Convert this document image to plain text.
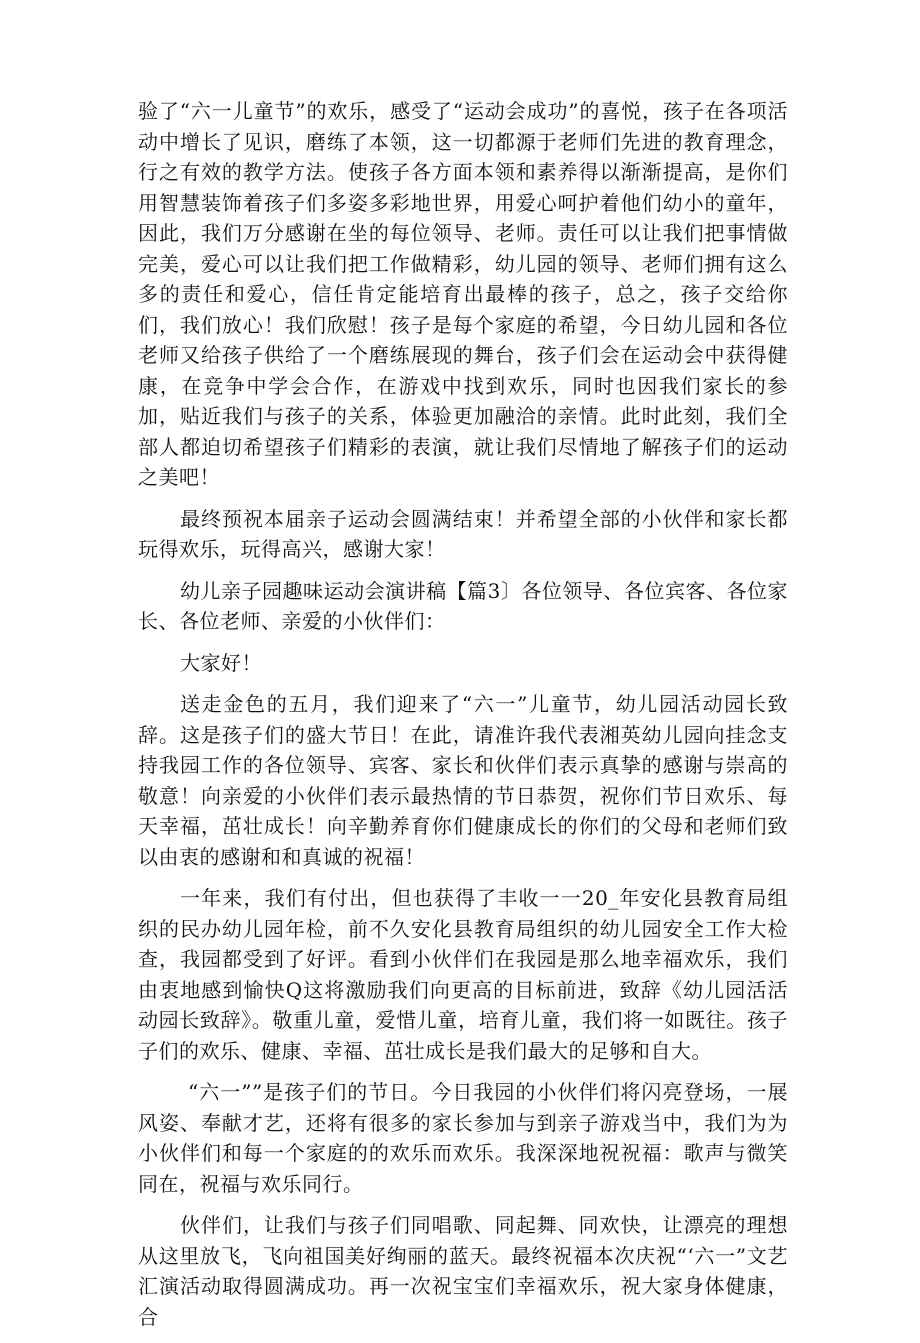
验了“六一儿童节”的欢乐，感受了“运动会成功”的喜悦，孩子在各项活动中增长了见识，磨练了本领，这一切都源于老师们先进的教育理念，行之有效的教学方法。使孩子各方面本领和素养得以渐渐提高，是你们用智慧装饰着孩子们多姿多彩地世界，用爱心呵护着他们幼小的童年，因此，我们万分感谢在坐的每位领导、老师。责任可以让我们把事情做完美，爱心可以让我们把工作做精彩，幼儿园的领导、老师们拥有这么多的责任和爱心，信任肯定能培育出最棒的孩子，总之，孩子交给你们，我们放心！我们欣慰！孩子是每个家庭的希望，今日幼儿园和各位老师又给孩子供给了一个磨练展现的舞台，孩子们会在运动会中获得健康，在竞争中学会合作，在游戏中找到欢乐，同时也因我们家长的参加，贴近我们与孩子的关系，体验更加融洽的亲情。此时此刻，我们全部人都迫切希望孩子们精彩的表演，就让我们尽情地了解孩子们的运动之美吧！

最终预祝本届亲子运动会圆满结束！并希望全部的小伙伴和家长都玩得欢乐，玩得高兴，感谢大家！

幼儿亲子园趣味运动会演讲稿【篇3〕各位领导、各位宾客、各位家长、各位老师、亲爱的小伙伴们：

大家好！

送走金色的五月，我们迎来了“六一”儿童节，幼儿园活动园长致辞。这是孩子们的盛大节日！在此，请准许我代表湘英幼儿园向挂念支持我园工作的各位领导、宾客、家长和伙伴们表示真挚的感谢与崇高的敬意！向亲爱的小伙伴们表示最热情的节日恭贺，祝你们节日欢乐、每天幸福，茁壮成长！向辛勤养育你们健康成长的你们的父母和老师们致以由衷的感谢和和真诚的祝福！

一年来，我们有付出，但也获得了丰收一一20_年安化县教育局组织的民办幼儿园年检，前不久安化县教育局组织的幼儿园安全工作大检查，我园都受到了好评。看到小伙伴们在我园是那么地幸福欢乐，我们由衷地感到愉快Q这将激励我们向更高的目标前进，致辞《幼儿园活活动园长致辞》。敬重儿童，爱惜儿童，培育儿童，我们将一如既往。孩子子们的欢乐、健康、幸福、茁壮成长是我们最大的足够和自大。

“六一””是孩子们的节日。今日我园的小伙伴们将闪亮登场，一展风姿、奉献才艺，还将有很多的家长参加与到亲子游戏当中，我们为为小伙伴们和每一个家庭的的欢乐而欢乐。我深深地祝祝福：歌声与微笑同在，祝福与欢乐同行。

伙伴们，让我们与孩子们同唱歌、同起舞、同欢快，让漂亮的理想从这里放飞，飞向祖国美好绚丽的蓝天。最终祝福本次庆祝“‘六一”文艺汇演活动取得圆满成功。再一次祝宝宝们幸福欢乐，祝大家身体健康，合
